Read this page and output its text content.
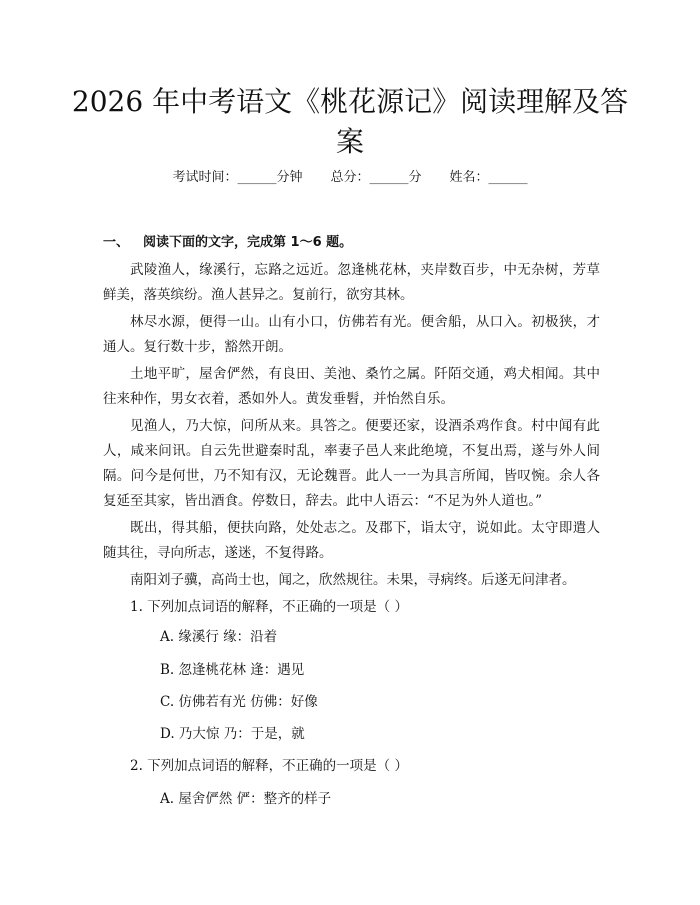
2026 年中考语文《桃花源记》阅读理解及答案
考试时间：______分钟 总分：______分 姓名：______
一、 阅读下面的文字，完成第 1～6 题。
武陵渔人，缘溪行，忘路之远近。忽逢桃花林，夹岸数百步，中无杂树，芳草鲜美，落英缤纷。渔人甚异之。复前行，欲穷其林。
林尽水源，便得一山。山有小口，仿佛若有光。便舍船，从口入。初极狭，才通人。复行数十步，豁然开朗。
土地平旷，屋舍俨然，有良田、美池、桑竹之属。阡陌交通，鸡犬相闻。其中往来种作，男女衣着，悉如外人。黄发垂髫，并怡然自乐。
见渔人，乃大惊，问所从来。具答之。便要还家，设酒杀鸡作食。村中闻有此人，咸来问讯。自云先世避秦时乱，率妻子邑人来此绝境，不复出焉，遂与外人间隔。问今是何世，乃不知有汉，无论魏晋。此人一一为具言所闻，皆叹惋。余人各复延至其家，皆出酒食。停数日，辞去。此中人语云：“不足为外人道也。”
既出，得其船，便扶向路，处处志之。及郡下，诣太守，说如此。太守即遣人随其往，寻向所志，遂迷，不复得路。
南阳刘子骥，高尚士也，闻之，欣然规往。未果，寻病终。后遂无问津者。
1. 下列加点词语的解释，不正确的一项是（ ）
A. 缘溪行 缘：沿着
B. 忽逢桃花林 逢：遇见
C. 仿佛若有光 仿佛：好像
D. 乃大惊 乃：于是，就
2. 下列加点词语的解释，不正确的一项是（ ）
A. 屋舍俨然 俨：整齐的样子
